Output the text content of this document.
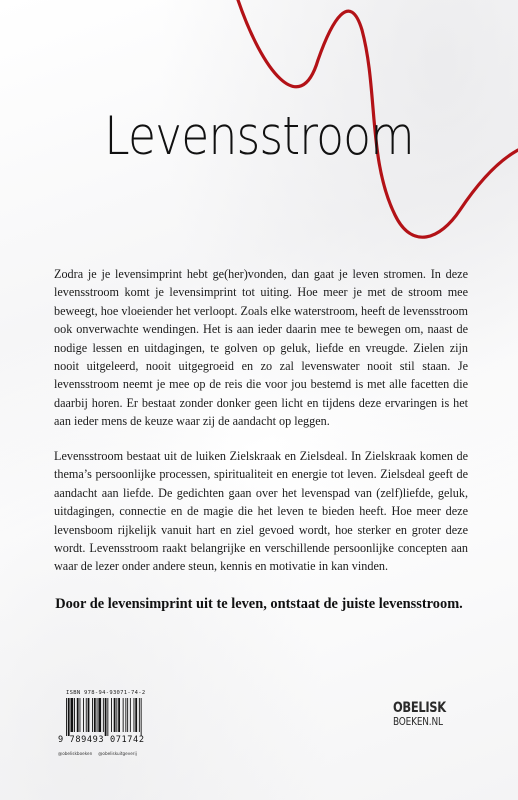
Levensstroom

Zodra je je levensimprint hebt ge(her)vonden, dan gaat je leven stromen. In deze levensstroom komt je levensimprint tot uiting. Hoe meer je met de stroom mee beweegt, hoe vloeiender het verloopt. Zoals elke waterstroom, heeft de levensstroom ook onverwachte wendingen. Het is aan ieder daarin mee te bewegen om, naast de nodige lessen en uitdagingen, te golven op geluk, liefde en vreugde. Zielen zijn nooit uitgeleerd, nooit uitgegroeid en zo zal levenswater nooit stil staan. Je levensstroom neemt je mee op de reis die voor jou bestemd is met alle facetten die daarbij horen. Er bestaat zonder donker geen licht en tijdens deze ervaringen is het aan ieder mens de keuze waar zij de aandacht op leggen.

Levensstroom bestaat uit de luiken Zielskraak en Zielsdeal. In Zielskraak komen de thema’s persoonlijke processen, spiritualiteit en energie tot leven. Zielsdeal geeft de aandacht aan liefde. De gedichten gaan over het levenspad van (zelf)liefde, geluk, uitdagingen, connectie en de magie die het leven te bieden heeft. Hoe meer deze levensboom rijkelijk vanuit hart en ziel gevoed wordt, hoe sterker en groter deze wordt. Levensstroom raakt belangrijke en verschillende persoonlijke concepten aan waar de lezer onder andere steun, kennis en motivatie in kan vinden.

Door de levensimprint uit te leven, ontstaat de juiste levensstroom.

ISBN 978-94-93071-74-2
9 789493 071742
@obeliskboeken @obeliskuitgeverij
OBELISK
BOEKEN.NL
